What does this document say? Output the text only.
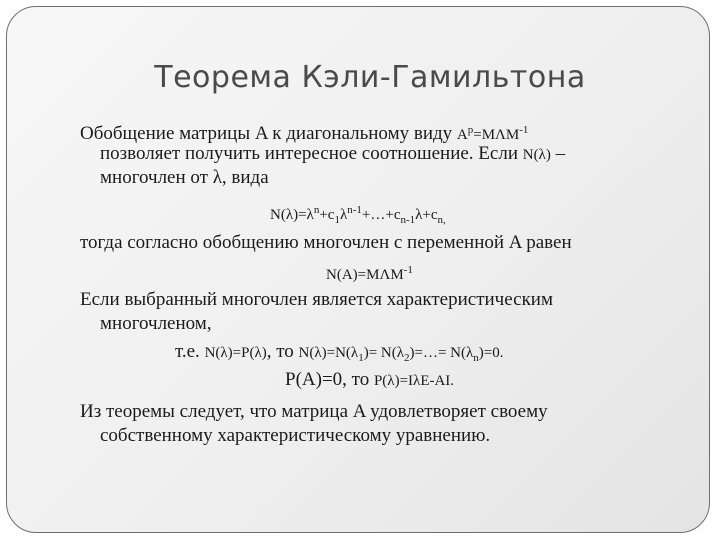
Теорема Кэли-Гамильтона
Обобщение матрицы A к диагональному виду $A^p=M\Lambda M^{-1}$
позволяет получить интересное соотношение. Если N(λ) –
многочлен от λ, вида
$N(\lambda)=\lambda^n+c_1\lambda^{n-1}+\dots+c_{n-1}\lambda+c_{n,}$
тогда согласно обобщению многочлен с переменной A равен
$N(A)=M\Lambda M^{-1}$
Если выбранный многочлен является характеристическим
многочленом,
т.е. N(λ)=P(λ), то $N(\lambda)=N(\lambda_1)=$ $N(\lambda_2)=\dots= N(\lambda_n)=0$.
P(A)=0, то P(λ)=IλE-AI.
Из теоремы следует, что матрица A удовлетворяет своему
собственному характеристическому уравнению.
